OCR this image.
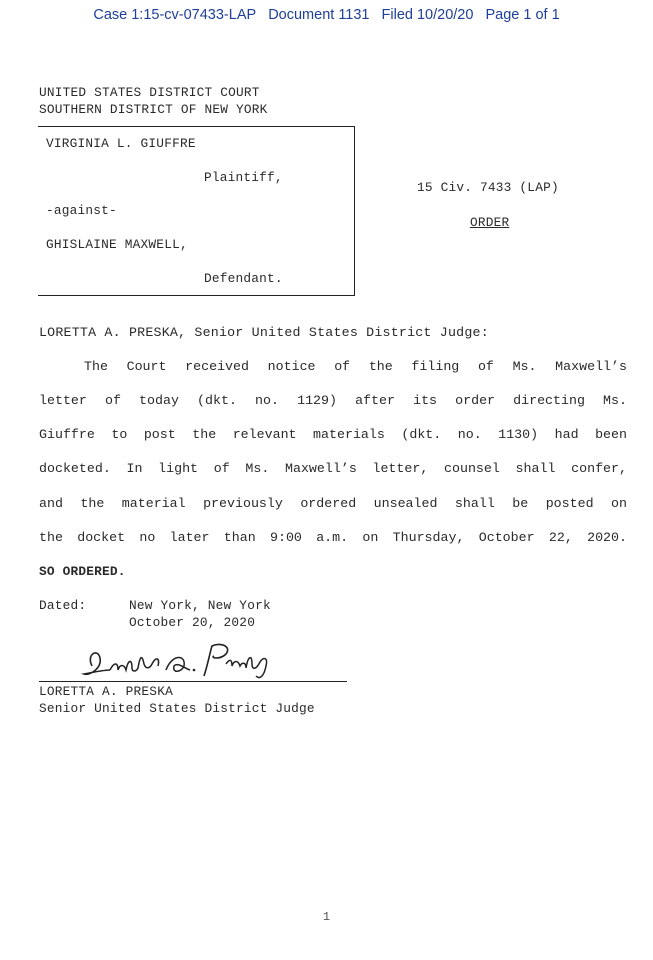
Case 1:15-cv-07433-LAP Document 1131 Filed 10/20/20 Page 1 of 1
UNITED STATES DISTRICT COURT
SOUTHERN DISTRICT OF NEW YORK
VIRGINIA L. GIUFFRE
Plaintiff,
-against-
GHISLAINE MAXWELL,
Defendant.
15 Civ. 7433 (LAP)
ORDER
LORETTA A. PRESKA, Senior United States District Judge:
The Court received notice of the filing of Ms. Maxwell’s
letter of today (dkt. no. 1129) after its order directing Ms.
Giuffre to post the relevant materials (dkt. no. 1130) had been
docketed. In light of Ms. Maxwell’s letter, counsel shall confer,
and the material previously ordered unsealed shall be posted on
the docket no later than 9:00 a.m. on Thursday, October 22, 2020.
SO ORDERED.
Dated:	New York, New York
October 20, 2020
LORETTA A. PRESKA
Senior United States District Judge
1
